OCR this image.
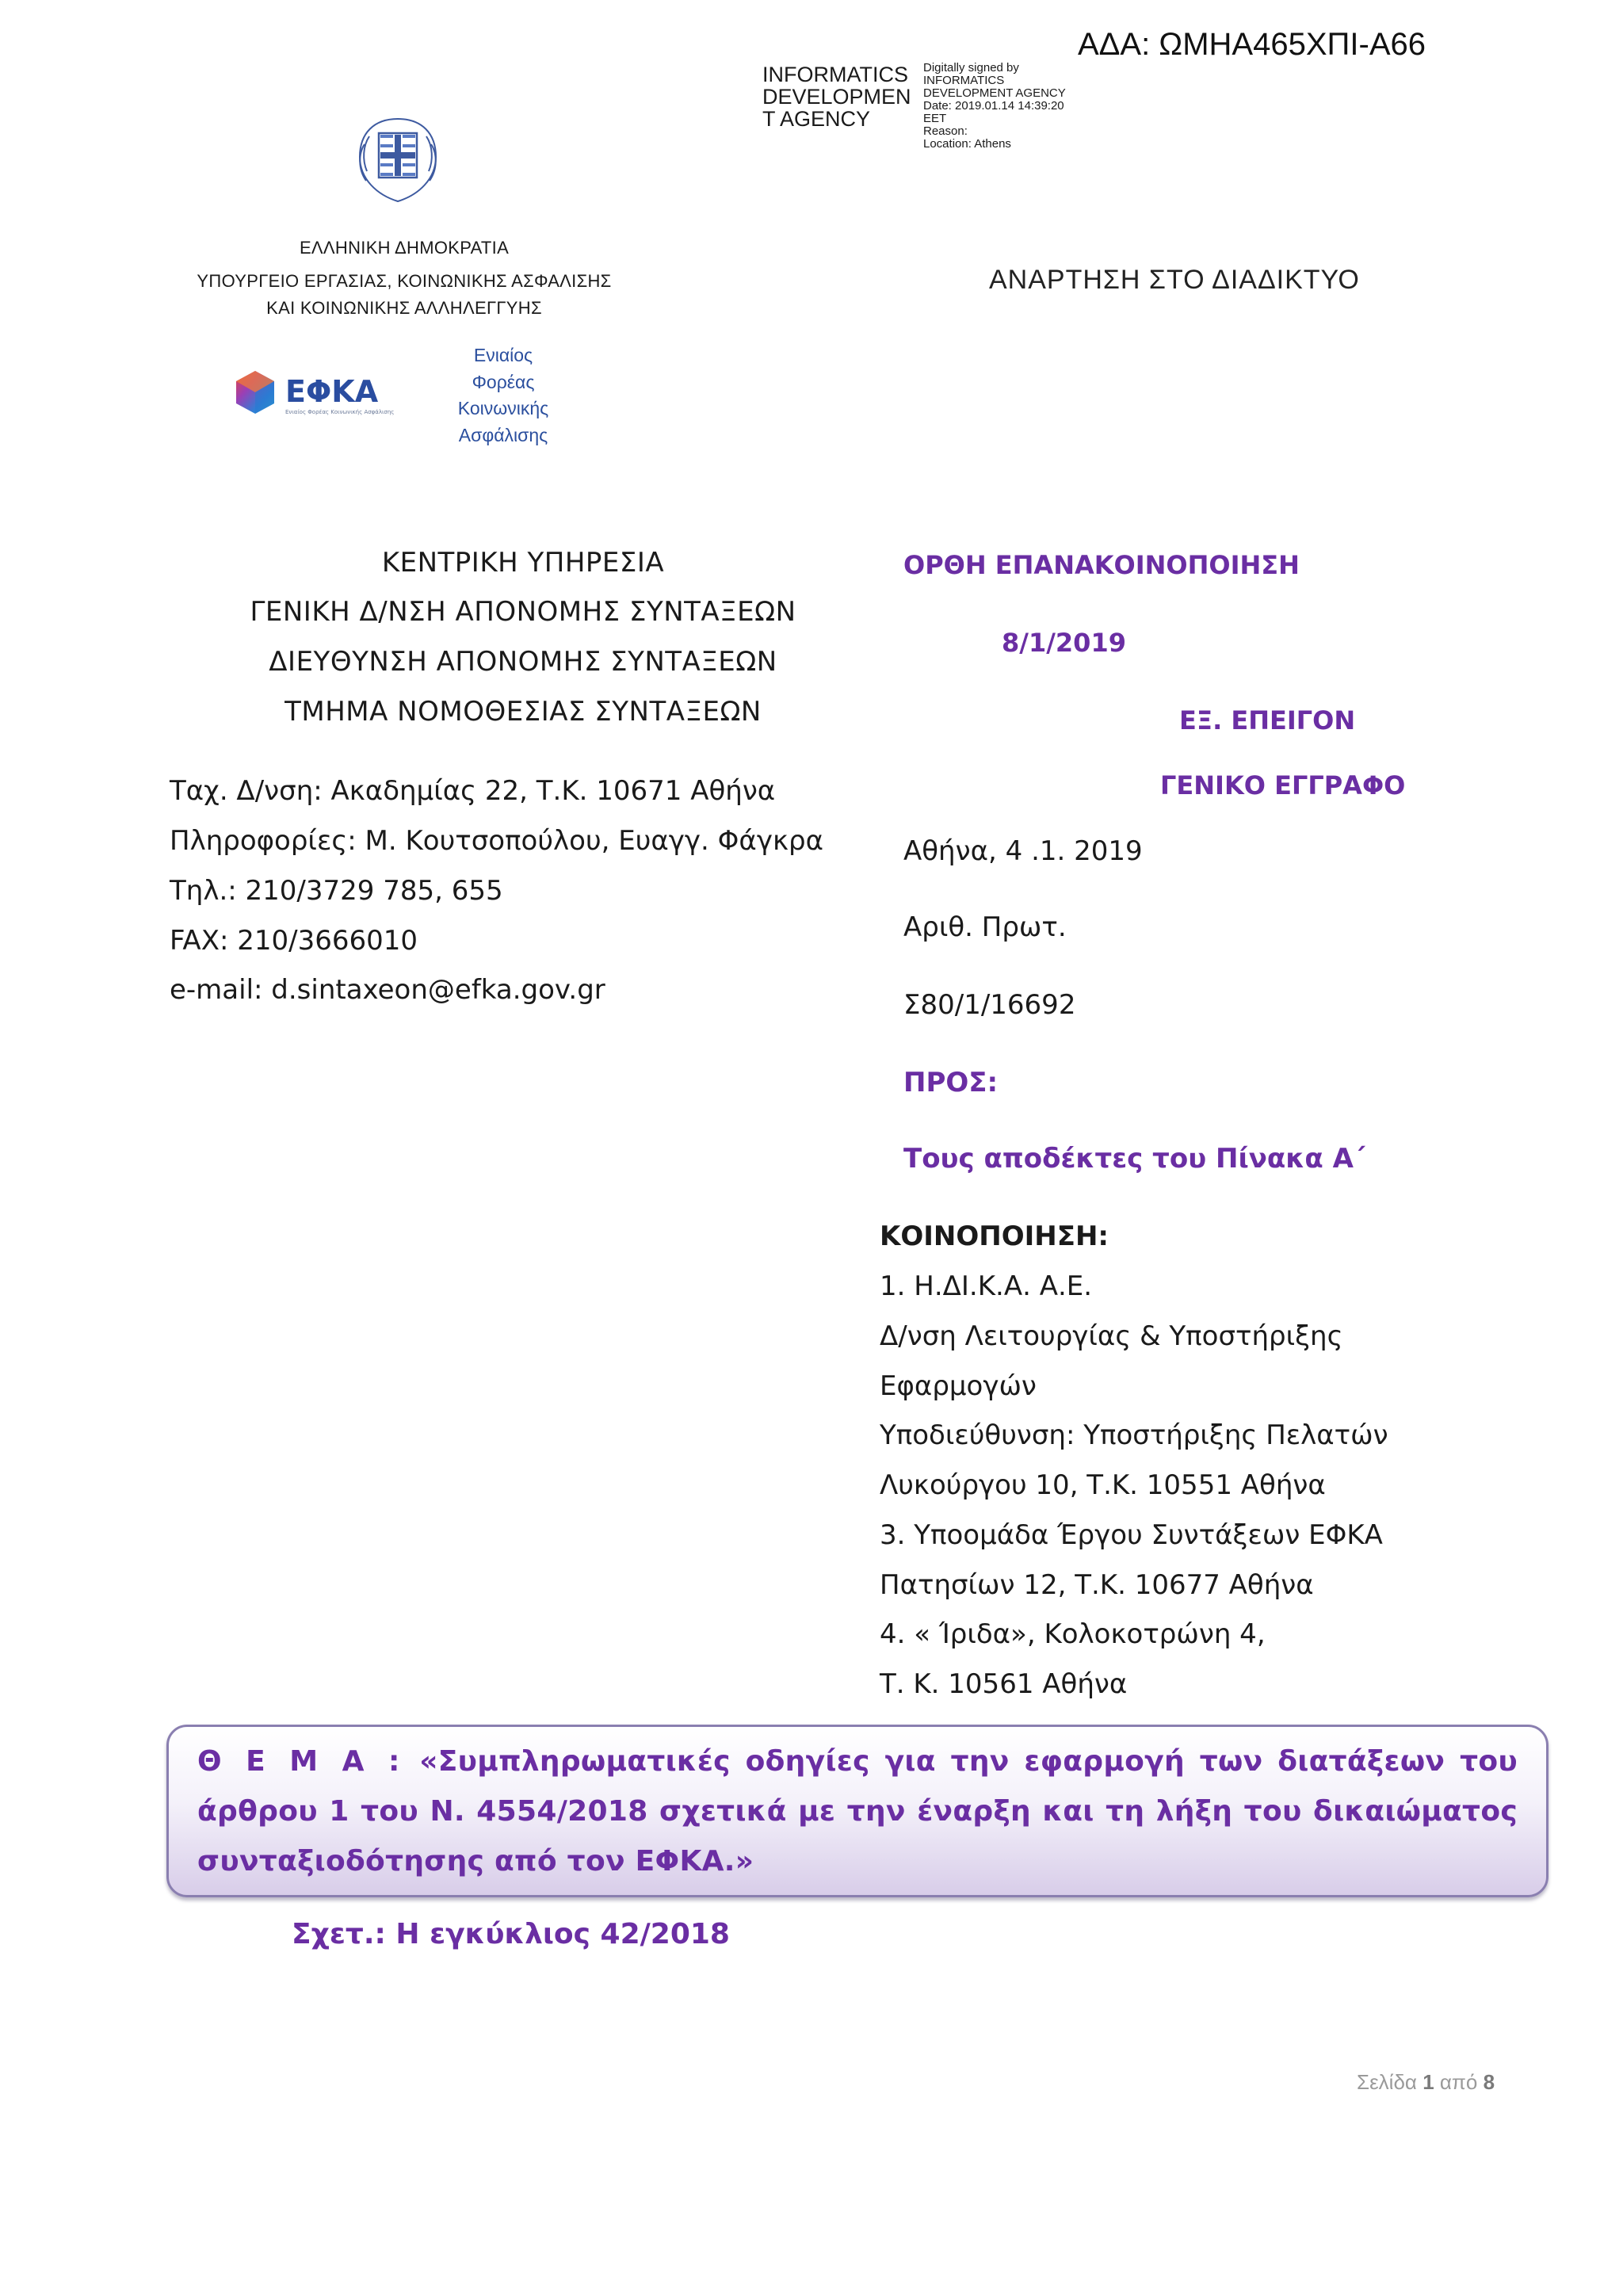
ΑΔΑ: ΩΜΗΑ465ΧΠΙ-Α66
INFORMATICS
DEVELOPMEN
T AGENCY
Digitally signed by
INFORMATICS
DEVELOPMENT AGENCY
Date: 2019.01.14 14:39:20
EET
Reason:
Location: Athens
ΕΛΛΗΝΙΚΗ ΔΗΜΟΚΡΑΤΙΑ
ΥΠΟΥΡΓΕΙΟ ΕΡΓΑΣΙΑΣ, ΚΟΙΝΩΝΙΚΗΣ ΑΣΦΑΛΙΣΗΣ
ΚΑΙ ΚΟΙΝΩΝΙΚΗΣ ΑΛΛΗΛΕΓΓΥΗΣ
ΑΝΑΡΤΗΣΗ ΣΤΟ ΔΙΑΔΙΚΤΥΟ
ΕΦΚΑ
Ενιαίος Φορέας Κοινωνικής Ασφάλισης
Ενιαίος
Φορέας
Κοινωνικής
Ασφάλισης
ΚΕΝΤΡΙΚΗ ΥΠΗΡΕΣΙΑ
ΓΕΝΙΚΗ Δ/ΝΣΗ ΑΠΟΝΟΜΗΣ ΣΥΝΤΑΞΕΩΝ
ΔΙΕΥΘΥΝΣΗ ΑΠΟΝΟΜΗΣ ΣΥΝΤΑΞΕΩΝ
ΤΜΗΜΑ ΝΟΜΟΘΕΣΙΑΣ ΣΥΝΤΑΞΕΩΝ
Ταχ. Δ/νση: Ακαδημίας 22, Τ.Κ. 10671 Αθήνα
Πληροφορίες: Μ. Κουτσοπούλου, Ευαγγ. Φάγκρα
Τηλ.: 210/3729 785, 655
FAX: 210/3666010
e-mail: d.sintaxeon@efka.gov.gr
ΟΡΘΗ ΕΠΑΝΑΚΟΙΝΟΠΟΙΗΣΗ
8/1/2019
ΕΞ. ΕΠΕΙΓΟΝ
ΓΕΝΙΚΟ ΕΓΓΡΑΦΟ
Αθήνα, 4 .1. 2019
Αριθ. Πρωτ.
Σ80/1/16692
ΠΡΟΣ:
Τους αποδέκτες του Πίνακα Α΄
ΚΟΙΝΟΠΟΙΗΣΗ:
1. Η.ΔΙ.Κ.Α. Α.Ε.
Δ/νση Λειτουργίας & Υποστήριξης
Εφαρμογών
Υποδιεύθυνση: Υποστήριξης Πελατών
Λυκούργου 10, Τ.Κ. 10551 Αθήνα
3. Υποομάδα Έργου Συντάξεων ΕΦΚΑ
Πατησίων 12, Τ.Κ. 10677 Αθήνα
4. « Ίριδα», Κολοκοτρώνη 4,
Τ. Κ. 10561 Αθήνα
Θ Ε Μ Α : «Συμπληρωματικές οδηγίες για την εφαρμογή των διατάξεων του άρθρου 1 του Ν. 4554/2018 σχετικά με την έναρξη και τη λήξη του δικαιώματος συνταξιοδότησης από τον ΕΦΚΑ.»
Σχετ.: Η εγκύκλιος 42/2018
Σελίδα 1 από 8
